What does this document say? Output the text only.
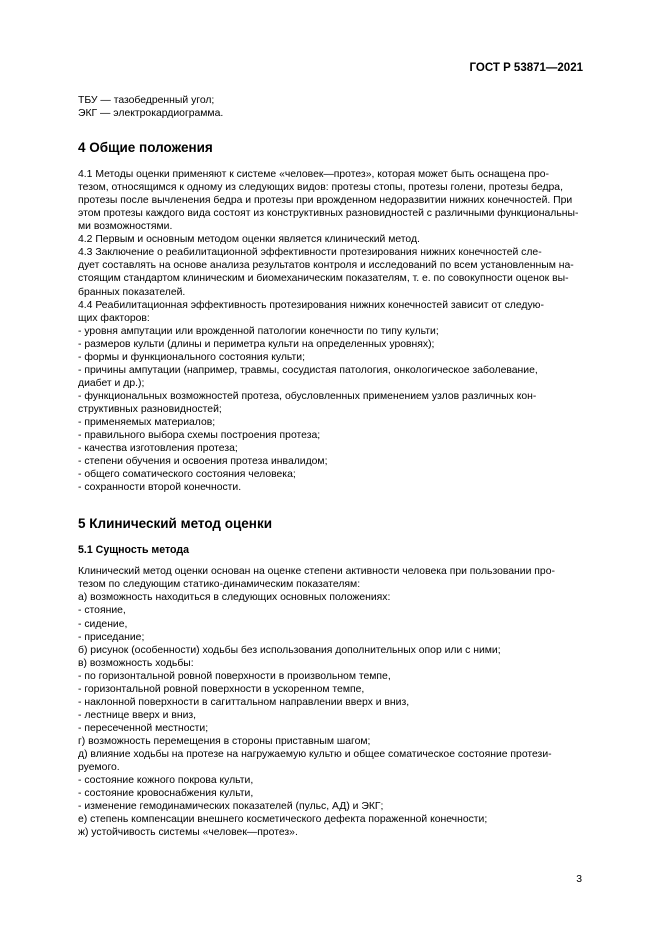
ГОСТ Р 53871—2021
ТБУ — тазобедренный угол;
ЭКГ — электрокардиограмма.
4 Общие положения
4.1 Методы оценки применяют к системе «человек—протез», которая может быть оснащена про-
тезом, относящимся к одному из следующих видов: протезы стопы, протезы голени, протезы бедра,
протезы после вычленения бедра и протезы при врожденном недоразвитии нижних конечностей. При
этом протезы каждого вида состоят из конструктивных разновидностей с различными функциональны-
ми возможностями.
4.2 Первым и основным методом оценки является клинический метод.
4.3 Заключение о реабилитационной эффективности протезирования нижних конечностей сле-
дует составлять на основе анализа результатов контроля и исследований по всем установленным на-
стоящим стандартом клиническим и биомеханическим показателям, т. е. по совокупности оценок вы-
бранных показателей.
4.4 Реабилитационная эффективность протезирования нижних конечностей зависит от следую-
щих факторов:
- уровня ампутации или врожденной патологии конечности по типу культи;
- размеров культи (длины и периметра культи на определенных уровнях);
- формы и функционального состояния культи;
- причины ампутации (например, травмы, сосудистая патология, онкологическое заболевание,
диабет и др.);
- функциональных возможностей протеза, обусловленных применением узлов различных кон-
структивных разновидностей;
- применяемых материалов;
- правильного выбора схемы построения протеза;
- качества изготовления протеза;
- степени обучения и освоения протеза инвалидом;
- общего соматического состояния человека;
- сохранности второй конечности.
5 Клинический метод оценки
5.1 Сущность метода
Клинический метод оценки основан на оценке степени активности человека при пользовании про-
тезом по следующим статико-динамическим показателям:
а) возможность находиться в следующих основных положениях:
- стояние,
- сидение,
- приседание;
б) рисунок (особенности) ходьбы без использования дополнительных опор или с ними;
в) возможность ходьбы:
- по горизонтальной ровной поверхности в произвольном темпе,
- горизонтальной ровной поверхности в ускоренном темпе,
- наклонной поверхности в сагиттальном направлении вверх и вниз,
- лестнице вверх и вниз,
- пересеченной местности;
г) возможность перемещения в стороны приставным шагом;
д) влияние ходьбы на протезе на нагружаемую культю и общее соматическое состояние протези-
руемого.
- состояние кожного покрова культи,
- состояние кровоснабжения культи,
- изменение гемодинамических показателей (пульс, АД) и ЭКГ;
е) степень компенсации внешнего косметического дефекта пораженной конечности;
ж) устойчивость системы «человек—протез».
3
